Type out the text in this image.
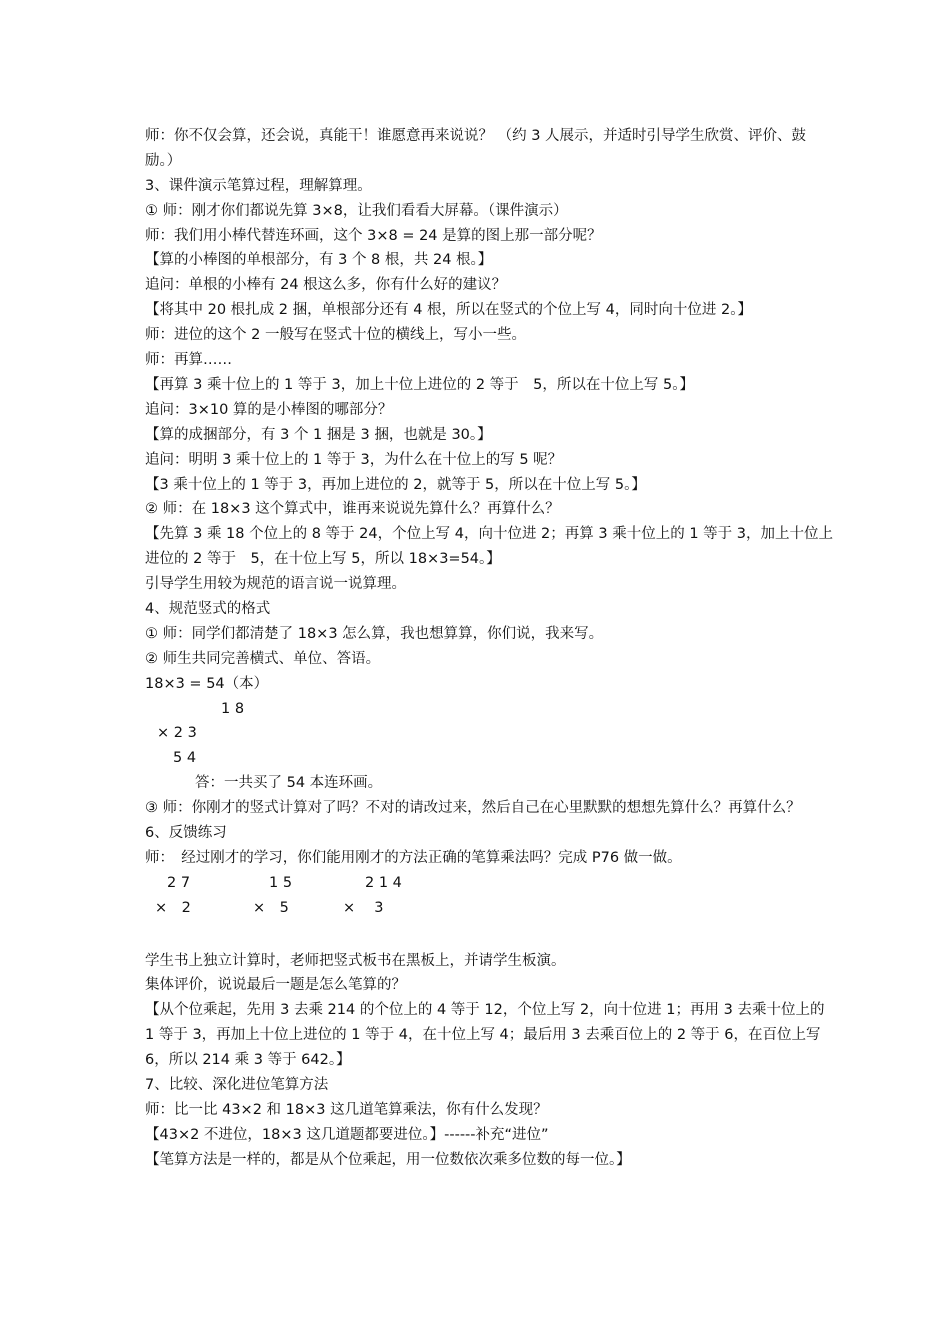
师：你不仅会算，还会说，真能干！谁愿意再来说说？ （约 3 人展示，并适时引导学生欣赏、评价、鼓励。）
3、课件演示笔算过程，理解算理。
① 师：刚才你们都说先算 3×8，让我们看看大屏幕。（课件演示）
师：我们用小棒代替连环画，这个 3×8 = 24 是算的图上那一部分呢？
【算的小棒图的单根部分，有 3 个 8 根，共 24 根。】
追问：单根的小棒有 24 根这么多，你有什么好的建议？
【将其中 20 根扎成 2 捆，单根部分还有 4 根，所以在竖式的个位上写 4，同时向十位进 2。】
师：进位的这个 2 一般写在竖式十位的横线上，写小一些。
师：再算……
【再算 3 乘十位上的 1 等于 3，加上十位上进位的 2 等于　5，所以在十位上写 5。】
追问：3×10 算的是小棒图的哪部分？
【算的成捆部分，有 3 个 1 捆是 3 捆，也就是 30。】
追问：明明 3 乘十位上的 1 等于 3，为什么在十位上的写 5 呢？
【3 乘十位上的 1 等于 3，再加上进位的 2，就等于 5，所以在十位上写 5。】
② 师：在 18×3 这个算式中，谁再来说说先算什么？再算什么？
【先算 3 乘 18 个位上的 8 等于 24，个位上写 4，向十位进 2；再算 3 乘十位上的 1 等于 3，加上十位上进位的 2 等于　5，在十位上写 5，所以 18×3=54。】
引导学生用较为规范的语言说一说算理。
4、规范竖式的格式
① 师：同学们都清楚了 18×3 怎么算，我也想算算，你们说，我来写。
② 师生共同完善横式、单位、答语。
18×3 = 54（本）
1 8
× 2 3
5 4
答：一共买了 54 本连环画。
③ 师：你刚才的竖式计算对了吗？不对的请改过来，然后自己在心里默默的想想先算什么？再算什么？
6、反馈练习
师：　经过刚才的学习，你们能用刚才的方法正确的笔算乘法吗？完成 P76 做一做。
2 7	1 5	2 1 4
×　2	×　5	×　 3
学生书上独立计算时，老师把竖式板书在黑板上，并请学生板演。
集体评价，说说最后一题是怎么笔算的？
【从个位乘起，先用 3 去乘 214 的个位上的 4 等于 12，个位上写 2，向十位进 1；再用 3 去乘十位上的 1 等于 3，再加上十位上进位的 1 等于 4，在十位上写 4；最后用 3 去乘百位上的 2 等于 6，在百位上写 6，所以 214 乘 3 等于 642。】
7、比较、深化进位笔算方法
师：比一比 43×2 和 18×3 这几道笔算乘法，你有什么发现？
【43×2 不进位，18×3 这几道题都要进位。】------补充“进位”
【笔算方法是一样的，都是从个位乘起，用一位数依次乘多位数的每一位。】
